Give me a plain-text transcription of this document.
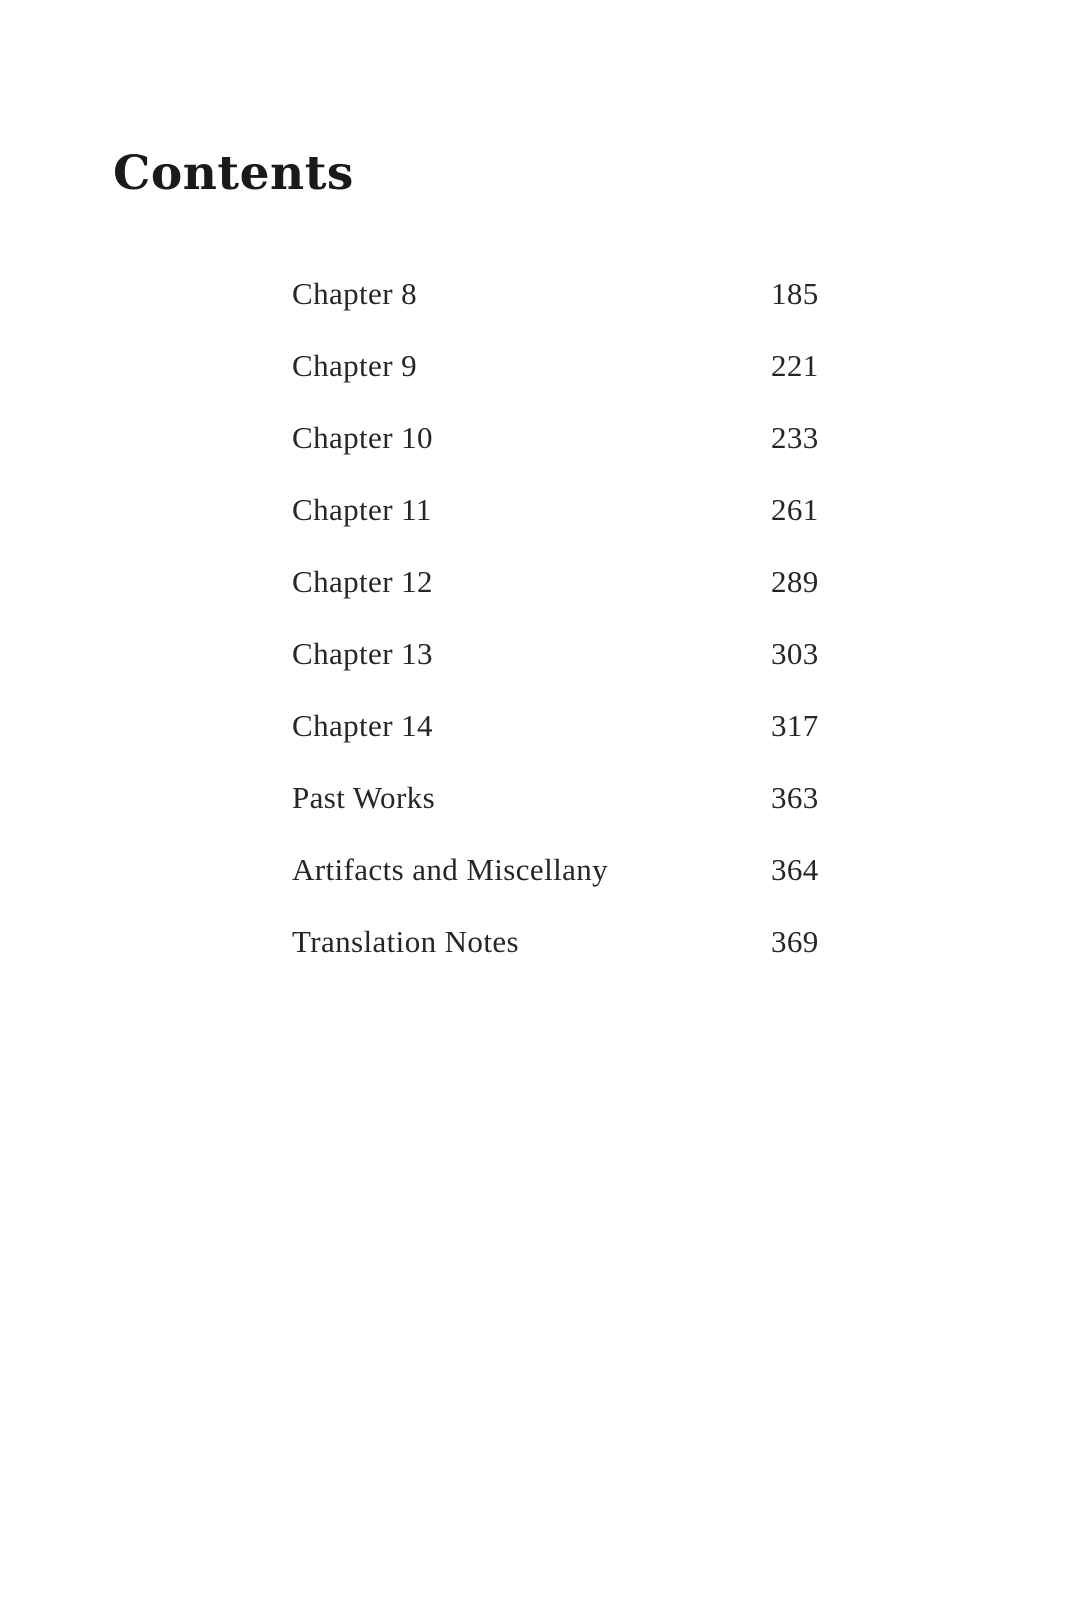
Contents
Chapter 8	185
Chapter 9	221
Chapter 10	233
Chapter 11	261
Chapter 12	289
Chapter 13	303
Chapter 14	317
Past Works	363
Artifacts and Miscellany	364
Translation Notes	369
